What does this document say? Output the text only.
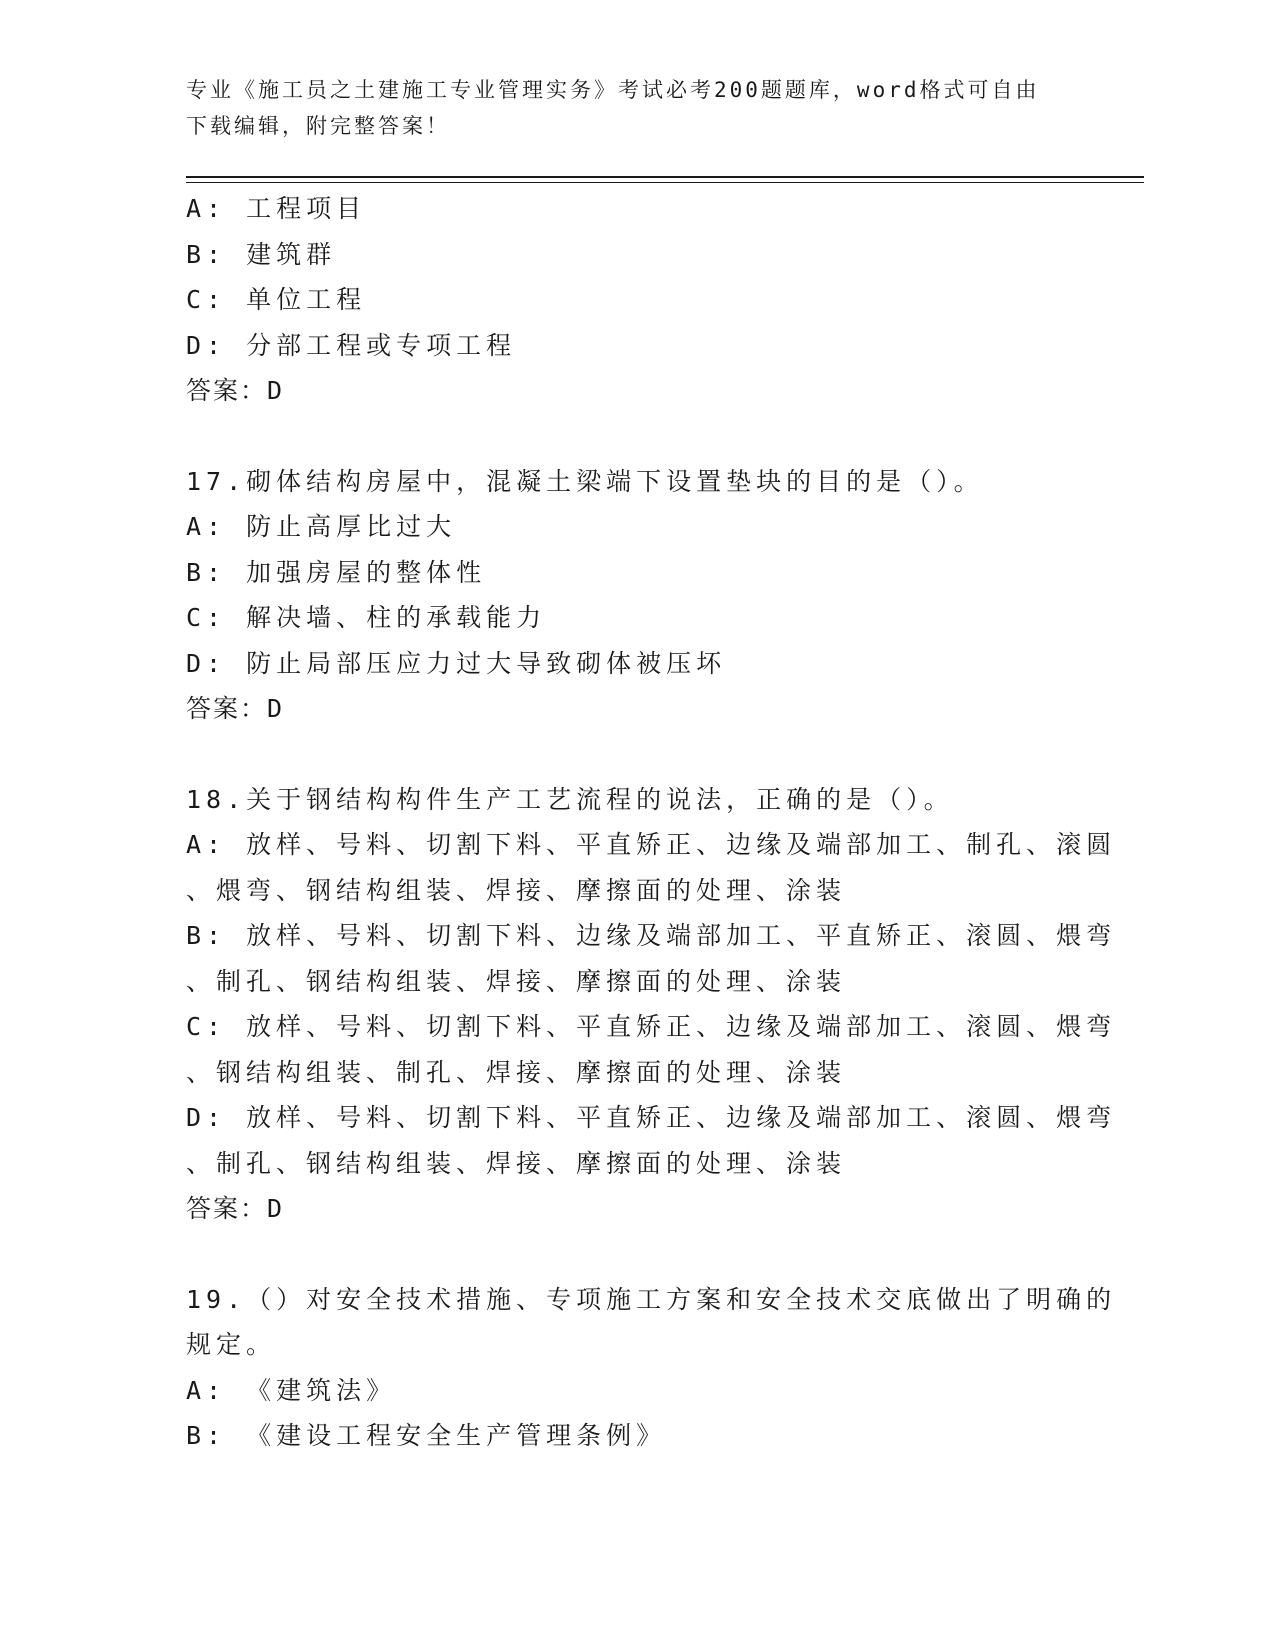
专业《施工员之土建施工专业管理实务》考试必考200题题库，word格式可自由
下载编辑，附完整答案！
A: 工程项目
B: 建筑群
C: 单位工程
D: 分部工程或专项工程
答案：D
17.砌体结构房屋中，混凝土梁端下设置垫块的目的是（）。
A: 防止高厚比过大
B: 加强房屋的整体性
C: 解决墙、柱的承载能力
D: 防止局部压应力过大导致砌体被压坏
答案：D
18.关于钢结构构件生产工艺流程的说法，正确的是（）。
A: 放样、号料、切割下料、平直矫正、边缘及端部加工、制孔、滚圆
、煨弯、钢结构组装、焊接、摩擦面的处理、涂装
B: 放样、号料、切割下料、边缘及端部加工、平直矫正、滚圆、煨弯
、制孔、钢结构组装、焊接、摩擦面的处理、涂装
C: 放样、号料、切割下料、平直矫正、边缘及端部加工、滚圆、煨弯
、钢结构组装、制孔、焊接、摩擦面的处理、涂装
D: 放样、号料、切割下料、平直矫正、边缘及端部加工、滚圆、煨弯
、制孔、钢结构组装、焊接、摩擦面的处理、涂装
答案：D
19.（）对安全技术措施、专项施工方案和安全技术交底做出了明确的
规定。
A: 《建筑法》
B: 《建设工程安全生产管理条例》
